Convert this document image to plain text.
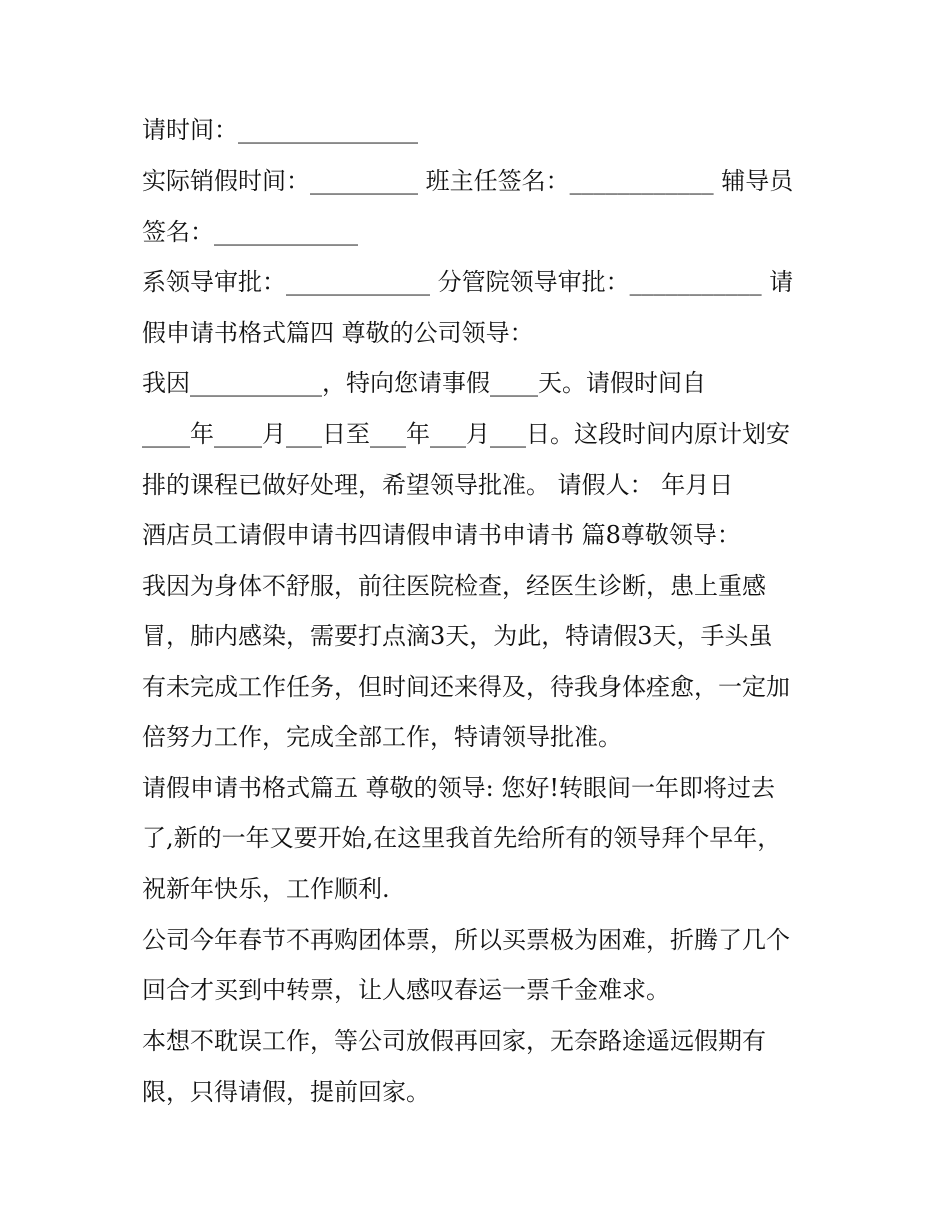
请时间：_______________
实际销假时间：_________ 班主任签名：____________ 辅导员
签名：____________
系领导审批：____________ 分管院领导审批：___________ 请
假申请书格式篇四 尊敬的公司领导：
我因___________，特向您请事假____天。请假时间自
____年____月___日至___年___月___日。这段时间内原计划安
排的课程已做好处理，希望领导批准。 请假人： 年月日
酒店员工请假申请书四请假申请书申请书 篇8尊敬领导：
我因为身体不舒服，前往医院检查，经医生诊断，患上重感
冒，肺内感染，需要打点滴3天，为此，特请假3天，手头虽
有未完成工作任务，但时间还来得及，待我身体痊愈，一定加
倍努力工作，完成全部工作，特请领导批准。
请假申请书格式篇五 尊敬的领导: 您好!转眼间一年即将过去
了,新的一年又要开始,在这里我首先给所有的领导拜个早年，
祝新年快乐，工作顺利.
公司今年春节不再购团体票，所以买票极为困难，折腾了几个
回合才买到中转票，让人感叹春运一票千金难求。
本想不耽误工作，等公司放假再回家，无奈路途遥远假期有
限，只得请假，提前回家。
